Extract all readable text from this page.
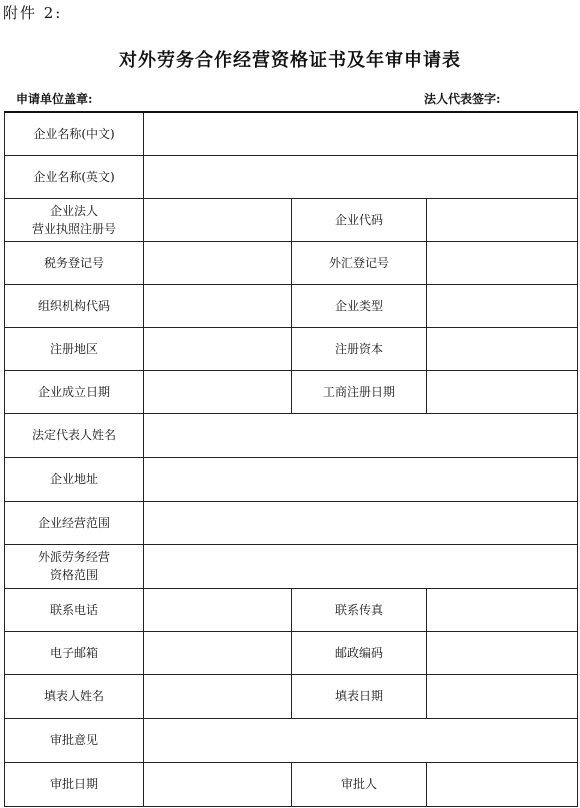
附件 2:
对外劳务合作经营资格证书及年审申请表
申请单位盖章:	法人代表签字:
企业名称(中文)			
企业名称(英文)			
企业法人
营业执照注册号		企业代码	
税务登记号		外汇登记号	
组织机构代码		企业类型	
注册地区		注册资本	
企业成立日期		工商注册日期	
法定代表人姓名			
企业地址			
企业经营范围			
外派劳务经营
资格范围			
联系电话		联系传真	
电子邮箱		邮政编码	
填表人姓名		填表日期	
审批意见			
审批日期		审批人	
